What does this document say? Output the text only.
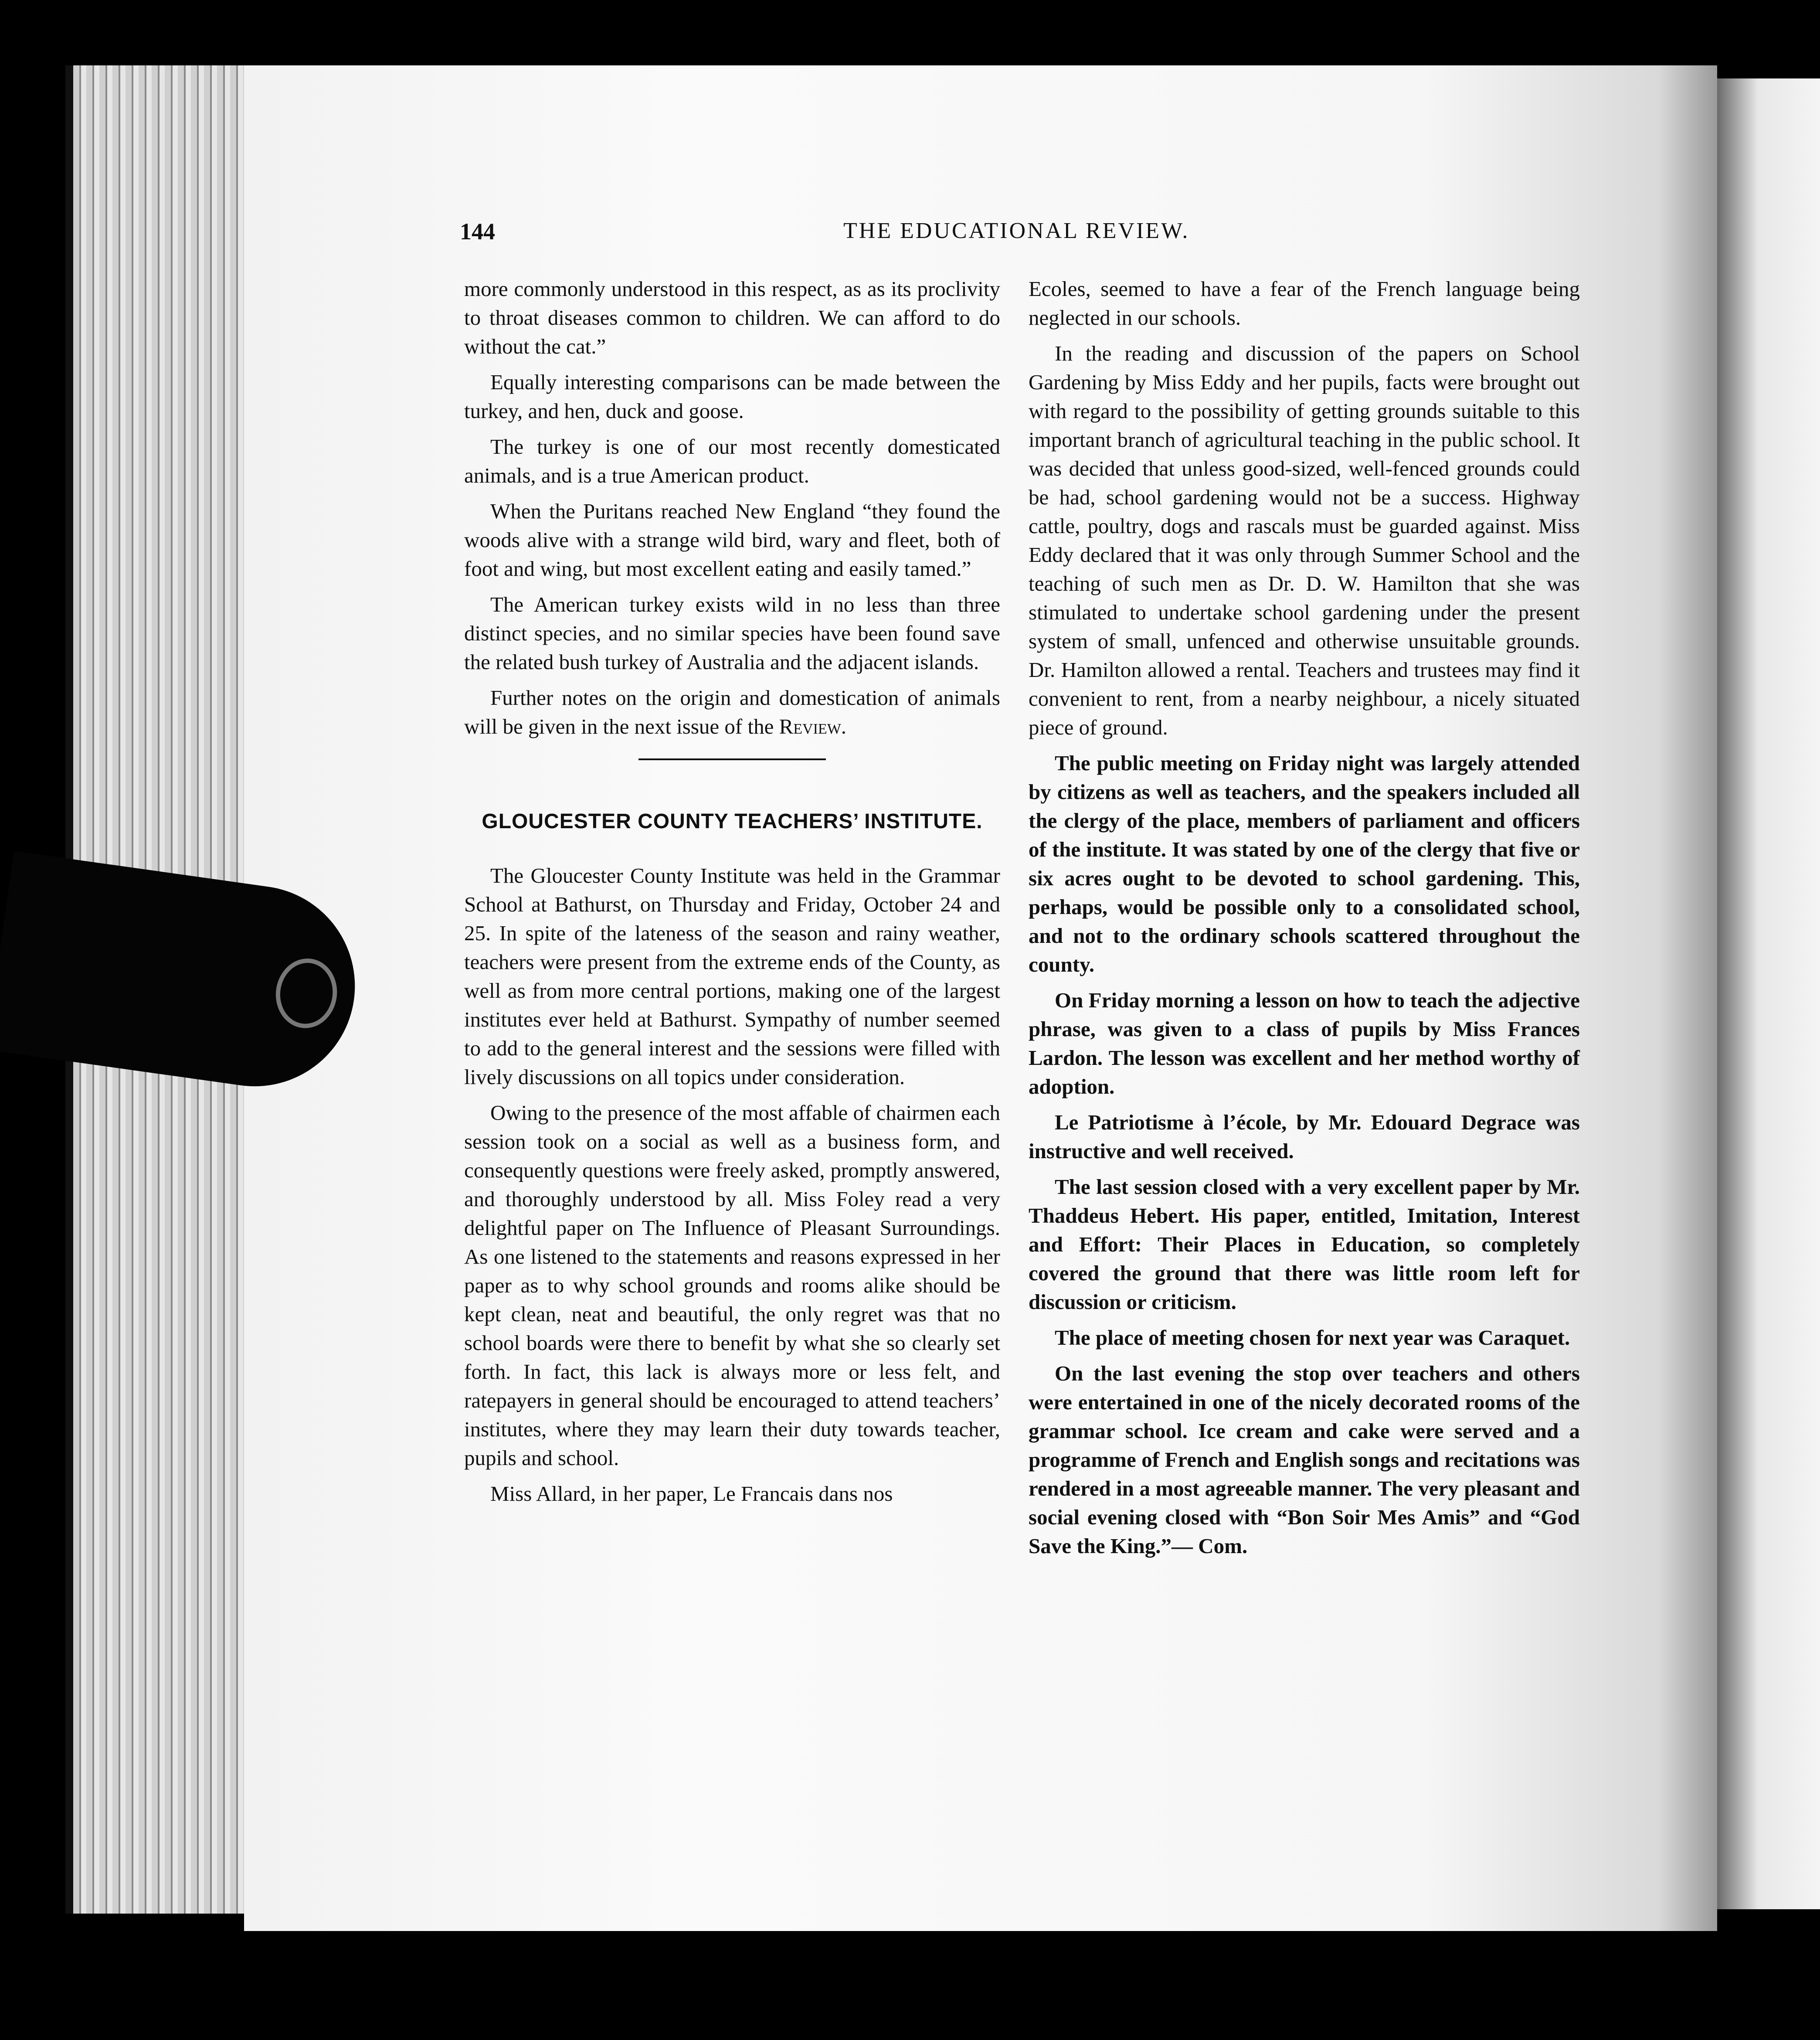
144	THE EDUCATIONAL REVIEW.

more commonly understood in this respect, as as its proclivity to throat diseases common to children. We can afford to do without the cat.”

Equally interesting comparisons can be made between the turkey, and hen, duck and goose.

The turkey is one of our most recently domesticated animals, and is a true American product.

When the Puritans reached New England “they found the woods alive with a strange wild bird, wary and fleet, both of foot and wing, but most excellent eating and easily tamed.”

The American turkey exists wild in no less than three distinct species, and no similar species have been found save the related bush turkey of Australia and the adjacent islands.

Further notes on the origin and domestication of animals will be given in the next issue of the Review.

GLOUCESTER COUNTY TEACHERS’ INSTITUTE.

The Gloucester County Institute was held in the Grammar School at Bathurst, on Thursday and Friday, October 24 and 25. In spite of the lateness of the season and rainy weather, teachers were present from the extreme ends of the County, as well as from more central portions, making one of the largest institutes ever held at Bathurst. Sympathy of number seemed to add to the general interest and the sessions were filled with lively discussions on all topics under consideration.

Owing to the presence of the most affable of chairmen each session took on a social as well as a business form, and consequently questions were freely asked, promptly answered, and thoroughly understood by all. Miss Foley read a very delightful paper on The Influence of Pleasant Surroundings. As one listened to the statements and reasons expressed in her paper as to why school grounds and rooms alike should be kept clean, neat and beautiful, the only regret was that no school boards were there to benefit by what she so clearly set forth. In fact, this lack is always more or less felt, and ratepayers in general should be encouraged to attend teachers’ institutes, where they may learn their duty towards teacher, pupils and school.

Miss Allard, in her paper, Le Francais dans nos

Ecoles, seemed to have a fear of the French language being neglected in our schools.

In the reading and discussion of the papers on School Gardening by Miss Eddy and her pupils, facts were brought out with regard to the possibility of getting grounds suitable to this important branch of agricultural teaching in the public school. It was decided that unless good-sized, well-fenced grounds could be had, school gardening would not be a success. Highway cattle, poultry, dogs and rascals must be guarded against. Miss Eddy declared that it was only through Summer School and the teaching of such men as Dr. D. W. Hamilton that she was stimulated to undertake school gardening under the present system of small, unfenced and otherwise unsuitable grounds. Dr. Hamilton allowed a rental. Teachers and trustees may find it convenient to rent, from a nearby neighbour, a nicely situated piece of ground.

The public meeting on Friday night was largely attended by citizens as well as teachers, and the speakers included all the clergy of the place, members of parliament and officers of the institute. It was stated by one of the clergy that five or six acres ought to be devoted to school gardening. This, perhaps, would be possible only to a consolidated school, and not to the ordinary schools scattered throughout the county.

On Friday morning a lesson on how to teach the adjective phrase, was given to a class of pupils by Miss Frances Lardon. The lesson was excellent and her method worthy of adoption.

Le Patriotisme à l’école, by Mr. Edouard Degrace was instructive and well received.

The last session closed with a very excellent paper by Mr. Thaddeus Hebert. His paper, entitled, Imitation, Interest and Effort: Their Places in Education, so completely covered the ground that there was little room left for discussion or criticism.

The place of meeting chosen for next year was Caraquet.

On the last evening the stop over teachers and others were entertained in one of the nicely decorated rooms of the grammar school. Ice cream and cake were served and a programme of French and English songs and recitations was rendered in a most agreeable manner. The very pleasant and social evening closed with “Bon Soir Mes Amis” and “God Save the King.”— Com.
